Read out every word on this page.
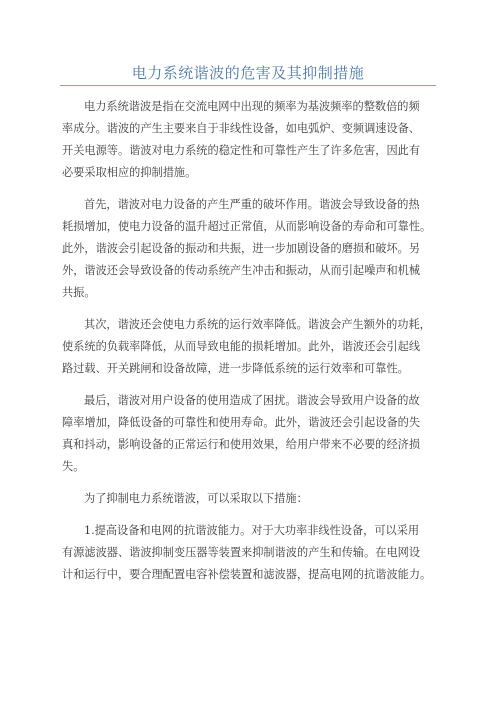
电力系统谐波的危害及其抑制措施
电力系统谐波是指在交流电网中出现的频率为基波频率的整数倍的频
率成分。谐波的产生主要来自于非线性设备，如电弧炉、变频调速设备、
开关电源等。谐波对电力系统的稳定性和可靠性产生了许多危害，因此有
必要采取相应的抑制措施。
首先，谐波对电力设备的产生严重的破坏作用。谐波会导致设备的热
耗损增加，使电力设备的温升超过正常值，从而影响设备的寿命和可靠性。
此外，谐波会引起设备的振动和共振，进一步加剧设备的磨损和破坏。另
外，谐波还会导致设备的传动系统产生冲击和振动，从而引起噪声和机械
共振。
其次，谐波还会使电力系统的运行效率降低。谐波会产生额外的功耗，
使系统的负载率降低，从而导致电能的损耗增加。此外，谐波还会引起线
路过载、开关跳闸和设备故障，进一步降低系统的运行效率和可靠性。
最后，谐波对用户设备的使用造成了困扰。谐波会导致用户设备的故
障率增加，降低设备的可靠性和使用寿命。此外，谐波还会引起设备的失
真和抖动，影响设备的正常运行和使用效果，给用户带来不必要的经济损
失。
为了抑制电力系统谐波，可以采取以下措施：
1.提高设备和电网的抗谐波能力。对于大功率非线性设备，可以采用
有源滤波器、谐波抑制变压器等装置来抑制谐波的产生和传输。在电网设
计和运行中，要合理配置电容补偿装置和滤波器，提高电网的抗谐波能力。
